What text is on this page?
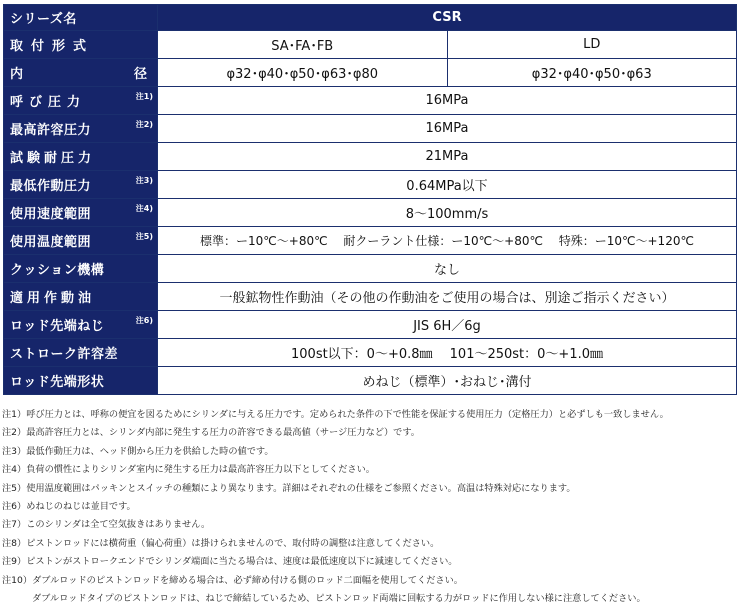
シリーズ名	CSR	
取付形式	SA･FA･FB	LD

内 径	φ32･φ40･φ50･φ63･φ80	φ32･φ40･φ50･φ63
呼び圧力 注1)	16MPa	
最高許容圧力 注2)	16MPa	
試験耐圧力	21MPa	
最低作動圧力 注3)	0.64MPa以下	
使用速度範囲 注4)	8～100mm/s	
使用温度範囲 注5)	標準：ー10℃～+80℃　 耐クーラント仕様：ー10℃～+80℃　 特殊：ー10℃～+120℃	
クッション機構	なし	
適用作動油	一般鉱物性作動油（その他の作動油をご使用の場合は、別途ご指示ください）	
ロッド先端ねじ 注6)	JIS 6H／6g	
ストローク許容差	100st以下：0～+0.8㎜　 101～250st：0～+1.0㎜	
ロッド先端形状	めねじ（標準）･おねじ･溝付	
注1）呼び圧力とは、呼称の便宜を図るためにシリンダに与える圧力です。定められた条件の下で性能を保証する使用圧力（定格圧力）と必ずしも一致しません。
注2）最高許容圧力とは、シリンダ内部に発生する圧力の許容できる最高値（サージ圧力など）です。
注3）最低作動圧力は、ヘッド側から圧力を供給した時の値です。
注4）負荷の慣性によりシリンダ室内に発生する圧力は最高許容圧力以下としてください。
注5）使用温度範囲はパッキンとスイッチの種類により異なります。詳細はそれぞれの仕様をご参照ください。高温は特殊対応になります。
注6）めねじのねじは並目です。
注7）このシリンダは全て空気抜きはありません。
注8）ピストンロッドには横荷重（偏心荷重）は掛けられませんので、取付時の調整は注意してください。
注9）ピストンがストロークエンドでシリンダ端面に当たる場合は、速度は最低速度以下に減速してください。
注10）ダブルロッドのピストンロッドを締める場合は、必ず締め付ける側のロッド二面幅を使用してください。
ダブルロッドタイプのピストンロッドは、ねじで締結しているため、ピストンロッド両端に回転する力がロッドに作用しない様に注意してください。
